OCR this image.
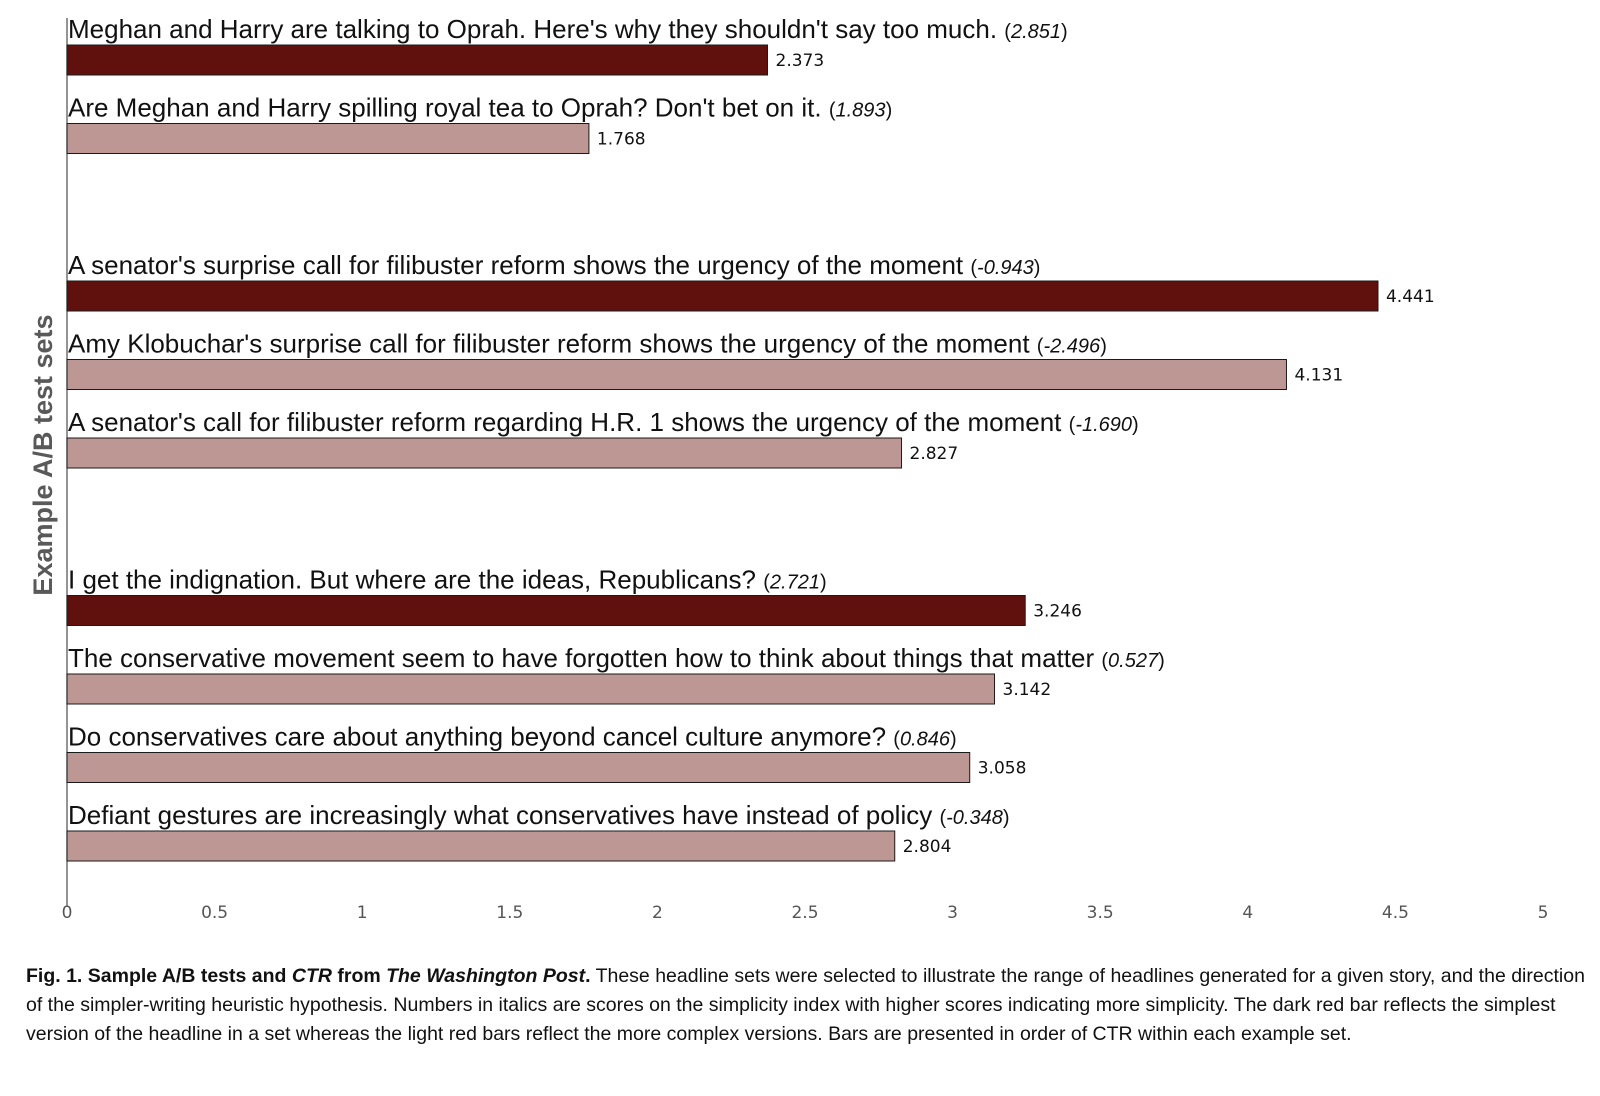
Example A/B test sets
Meghan and Harry are talking to Oprah. Here's why they shouldn't say too much. (2.851)
2.373
Are Meghan and Harry spilling royal tea to Oprah? Don't bet on it. (1.893)
1.768
A senator's surprise call for filibuster reform shows the urgency of the moment (-0.943)
4.441
Amy Klobuchar's surprise call for filibuster reform shows the urgency of the moment (-2.496)
4.131
A senator's call for filibuster reform regarding H.R. 1 shows the urgency of the moment (-1.690)
2.827
I get the indignation. But where are the ideas, Republicans? (2.721)
3.246
The conservative movement seem to have forgotten how to think about things that matter (0.527)
3.142
Do conservatives care about anything beyond cancel culture anymore? (0.846)
3.058
Defiant gestures are increasingly what conservatives have instead of policy (-0.348)
2.804
0	0.5	1	1.5	2	2.5	3	3.5	4	4.5	5
Fig. 1. Sample A/B tests and CTR from The Washington Post. These headline sets were selected to illustrate the range of headlines generated for a given story, and the direction of the simpler-writing heuristic hypothesis. Numbers in italics are scores on the simplicity index with higher scores indicating more simplicity. The dark red bar reflects the simplest version of the headline in a set whereas the light red bars reflect the more complex versions. Bars are presented in order of CTR within each example set.
